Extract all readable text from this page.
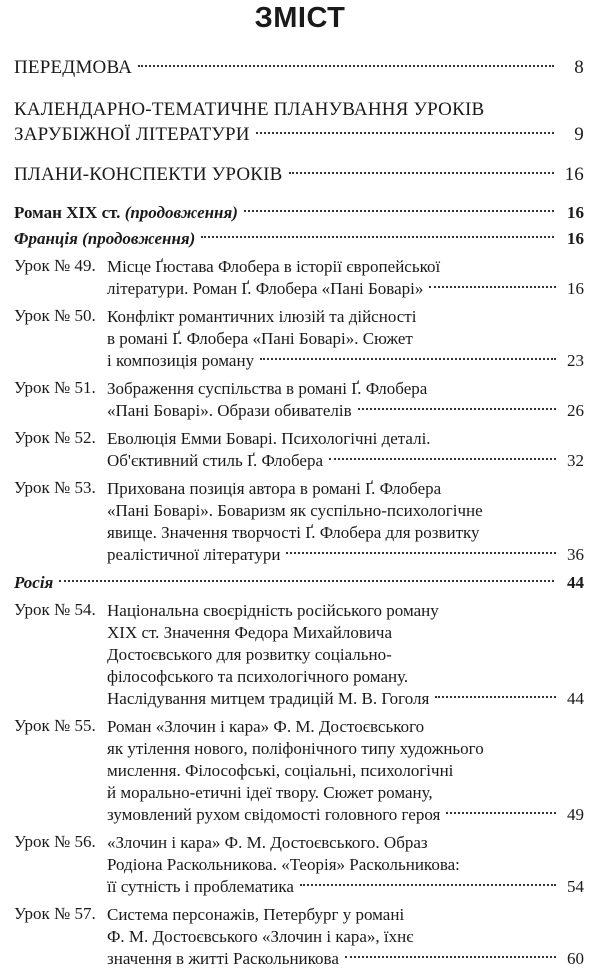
ЗМІСТ
ПЕРЕДМОВА	8
КАЛЕНДАРНО-ТЕМАТИЧНЕ ПЛАНУВАННЯ УРОКІВ
ЗАРУБІЖНОЇ ЛІТЕРАТУРИ	9
ПЛАНИ-КОНСПЕКТИ УРОКІВ	16
Роман XIX ст. (продовження)	16
Франція (продовження)	16
Урок № 49. Місце Ґюстава Флобера в історії європейської
літератури. Роман Ґ. Флобера «Пані Боварі»	16
Урок № 50. Конфлікт романтичних ілюзій та дійсності
в романі Ґ. Флобера «Пані Боварі». Сюжет
і композиція роману	23
Урок № 51. Зображення суспільства в романі Ґ. Флобера
«Пані Боварі». Образи обивателів	26
Урок № 52. Еволюція Емми Боварі. Психологічні деталі.
Об'єктивний стиль Ґ. Флобера	32
Урок № 53. Прихована позиція автора в романі Ґ. Флобера
«Пані Боварі». Боваризм як суспільно-психологічне
явище. Значення творчості Ґ. Флобера для розвитку
реалістичної літератури	36
Росія	44
Урок № 54. Національна своєрідність російського роману
XIX ст. Значення Федора Михайловича
Достоєвського для розвитку соціально-
філософського та психологічного роману.
Наслідування митцем традицій М. В. Гоголя	44
Урок № 55. Роман «Злочин і кара» Ф. М. Достоєвського
як утілення нового, поліфонічного типу художнього
мислення. Філософські, соціальні, психологічні
й морально-етичні ідеї твору. Сюжет роману,
зумовлений рухом свідомості головного героя	49
Урок № 56. «Злочин і кара» Ф. М. Достоєвського. Образ
Родіона Раскольникова. «Теорія» Раскольникова:
її сутність і проблематика	54
Урок № 57. Система персонажів, Петербург у романі
Ф. М. Достоєвського «Злочин і кара», їхнє
значення в житті Раскольникова	60
